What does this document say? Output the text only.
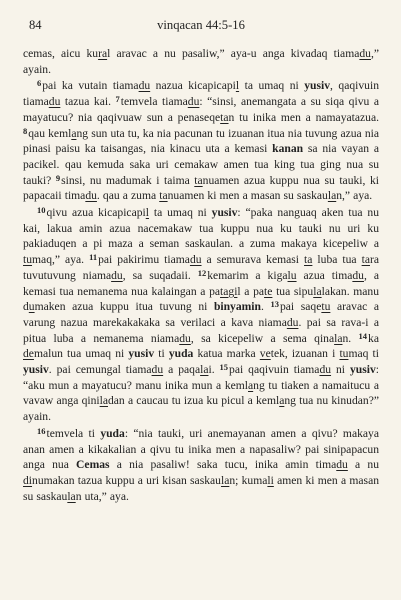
84	vinqacan 44:5-16

cemas, aicu kural aravac a nu pasaliw,” aya-u anga kivadaq tiamadu,” ayain.

$^6$pai ka vutain tiamadu nazua kicapicapil ta umaq ni yusiv, qaqivuin tiamadu tazua kai. $^7$temvela tiamadu: “sinsi, anemangata a su siqa qivu a mayatucu? nia qaqivuaw sun a penaseqetan tu inika men a namayatazua. $^8$qau kemlang sun uta tu, ka nia pacunan tu izuanan itua nia tuvung azua nia pinasi paisu ka taisangas, nia kinacu uta a kemasi kanan sa nia vayan a pacikel. qau kemuda saka uri cemakaw amen tua king tua ging nua su tauki? $^9$sinsi, nu madumak i taima tanuamen azua kuppu nua su tauki, ki papacaii timadu. qau a zuma tanuamen ki men a masan su saskaulan,” aya.

$^{10}$qivu azua kicapicapil ta umaq ni yusiv: “paka nanguaq aken tua nu kai, lakua amin azua nacemakaw tua kuppu nua ku tauki nu uri ku pakiaduqen a pi maza a seman saskaulan. a zuma makaya kicepeliw a tumaq,” aya. $^{11}$pai pakirimu tiamadu a semurava kemasi ta luba tua tara tuvutuvung niamadu, sa suqadaii. $^{12}$kemarim a kigalu azua timadu, a kemasi tua nemanema nua kalaingan a patagil a pate tua sipulalakan. manu dumaken azua kuppu itua tuvung ni binyamin. $^{13}$pai saqetu aravac a varung nazua marekakakaka sa verilaci a kava niamadu. pai sa rava-i a pitua luba a nemanema niamadu, sa kicepeliw a sema qinalan. $^{14}$ka demalun tua umaq ni yusiv ti yuda katua marka vetek, izuanan i tumaq ti yusiv. pai cemungal tiamadu a paqalai. $^{15}$pai qaqivuin tiamadu ni yusiv: “aku mun a mayatucu? manu inika mun a kemlang tu tiaken a namaitucu a vavaw anga qiniladan a caucau tu izua ku picul a kemlang tua nu kinudan?” ayain.

$^{16}$temvela ti yuda: “nia tauki, uri anemayanan amen a qivu? makaya anan amen a kikakalian a qivu tu inika men a napasaliw? pai sinipapacun anga nua Cemas a nia pasaliw! saka tucu, inika amin timadu a nu dinumakan tazua kuppu a uri kisan saskaulan; kumali amen ki men a masan su saskaulan uta,” aya.
